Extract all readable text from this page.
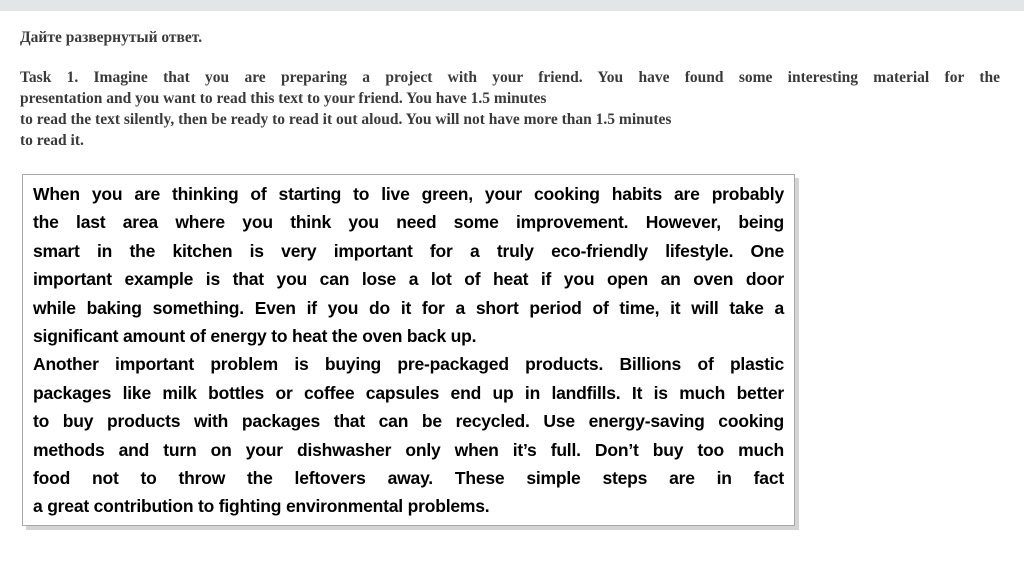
Дайте развернутый ответ.
Task 1. Imagine that you are preparing a project with your friend. You have found some interesting material for the
presentation and you want to read this text to your friend. You have 1.5 minutes
to read the text silently, then be ready to read it out aloud. You will not have more than 1.5 minutes
to read it.
When you are thinking of starting to live green, your cooking habits are probably
the last area where you think you need some improvement. However, being
smart in the kitchen is very important for a truly eco-friendly lifestyle. One
important example is that you can lose a lot of heat if you open an oven door
while baking something. Even if you do it for a short period of time, it will take a
significant amount of energy to heat the oven back up.
Another important problem is buying pre-packaged products. Billions of plastic
packages like milk bottles or coffee capsules end up in landfills. It is much better
to buy products with packages that can be recycled. Use energy-saving cooking
methods and turn on your dishwasher only when it’s full. Don’t buy too much
food not to throw the leftovers away. These simple steps are in fact
a great contribution to fighting environmental problems.
